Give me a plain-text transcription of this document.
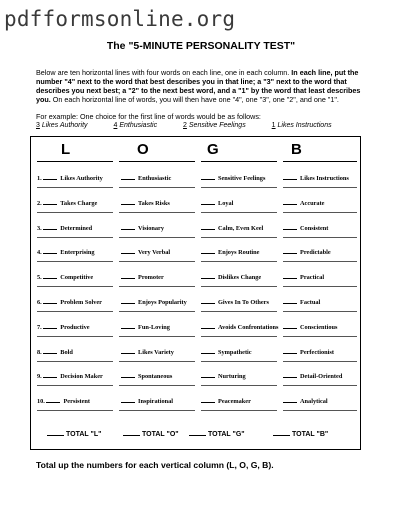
pdfformsonline.org
The "5-MINUTE PERSONALITY TEST"

Below are ten horizontal lines with four words on each line, one in each column. In each line, put the number "4" next to the word that best describes you in that line; a "3" next to the word that describes you next best; a "2" to the next best word, and a "1" by the word that least describes you. On each horizontal line of words, you will then have one "4", one "3", one "2", and one "1".

For example: One choice for the first line of words would be as follows:

3 Likes Authority	4 Enthusiastic	2 Sensitive Feelings	1 Likes Instructions
L	O	G	B
1.	Likes Authority	Enthusiastic	Sensitive Feelings	Likes Instructions
2.	Takes Charge	Takes Risks	Loyal	Accurate
3.	Determined	Visionary	Calm, Even Keel	Consistent
4.	Enterprising	Very Verbal	Enjoys Routine	Predictable
5.	Competitive	Promoter	Dislikes Change	Practical
6.	Problem Solver	Enjoys Popularity	Gives In To Others	Factual
7.	Productive	Fun-Loving	Avoids Confrontations	Conscientious
8.	Bold	Likes Variety	Sympathetic	Perfectionist
9.	Decision Maker	Spontaneous	Nurturing	Detail-Oriented
10.	Persistent	Inspirational	Peacemaker	Analytical
TOTAL "L"	TOTAL "O"	TOTAL "G"	TOTAL "B"
Total up the numbers for each vertical column (L, O, G, B).
